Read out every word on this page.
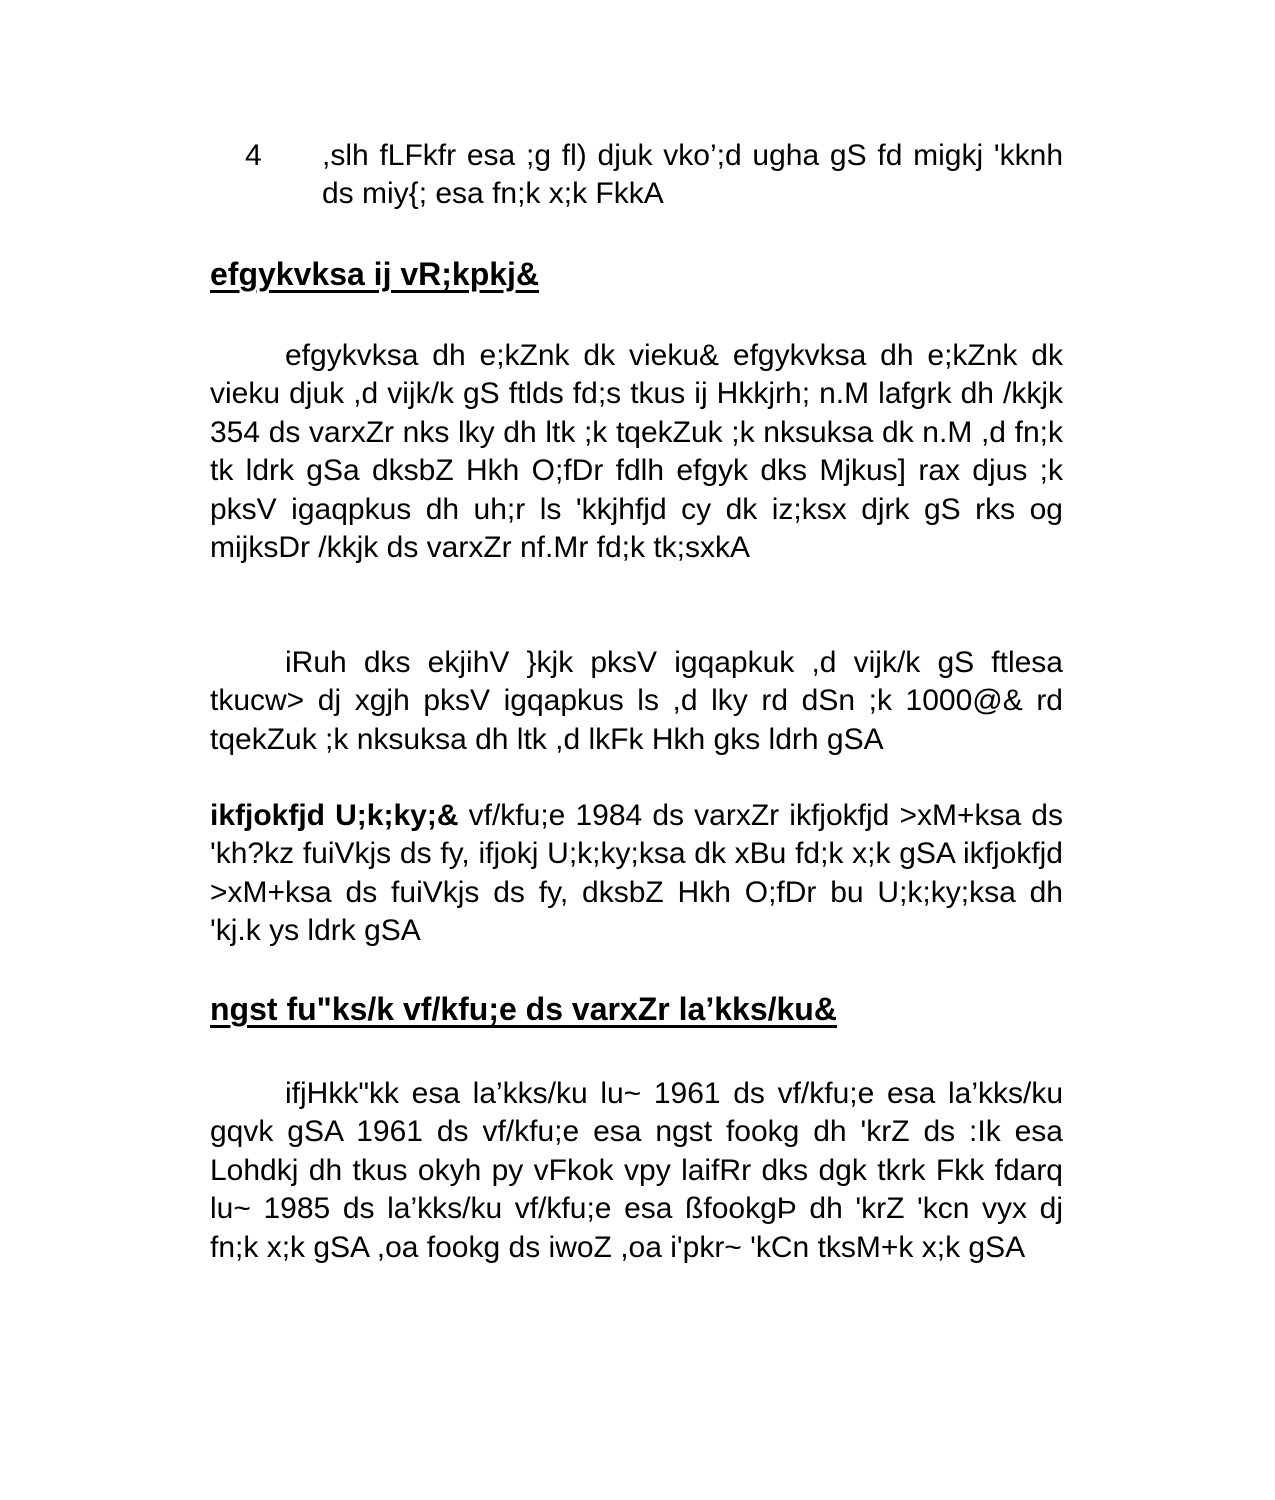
4 ,slh fLFkfr esa ;g fl) djuk vko’;d ugha gS fd migkj 'kknh ds miy{; esa fn;k x;k FkkA
efgykvksa ij vR;kpkj&

efgykvksa dh e;kZnk dk vieku& efgykvksa dh e;kZnk dk vieku djuk ,d vijk/k gS ftlds fd;s tkus ij Hkkjrh; n.M lafgrk dh /kkjk 354 ds varxZr nks lky dh ltk ;k tqekZuk ;k nksuksa dk n.M ,d fn;k tk ldrk gSa dksbZ Hkh O;fDr fdlh efgyk dks Mjkus] rax djus ;k pksV igaqpkus dh uh;r ls 'kkjhfjd cy dk iz;ksx djrk gS rks og mijksDr /kkjk ds varxZr nf.Mr fd;k tk;sxkA

iRuh dks ekjihV }kjk pksV igqapkuk ,d vijk/k gS ftlesa tkucw> dj xgjh pksV igqapkus ls ,d lky rd dSn ;k 1000@& rd tqekZuk ;k nksuksa dh ltk ,d lkFk Hkh gks ldrh gSA

ikfjokfjd U;k;ky;& vf/kfu;e 1984 ds varxZr ikfjokfjd >xM+ksa ds 'kh?kz fuiVkjs ds fy, ifjokj U;k;ky;ksa dk xBu fd;k x;k gSA ikfjokfjd >xM+ksa ds fuiVkjs ds fy, dksbZ Hkh O;fDr bu U;k;ky;ksa dh 'kj.k ys ldrk gSA

ngst fu"ks/k vf/kfu;e ds varxZr la’kks/ku&

ifjHkk"kk esa la’kks/ku lu~ 1961 ds vf/kfu;e esa la’kks/ku gqvk gSA 1961 ds vf/kfu;e esa ngst fookg dh 'krZ ds :Ik esa Lohdkj dh tkus okyh py vFkok vpy laifRr dks dgk tkrk Fkk fdarq lu~ 1985 ds la’kks/ku vf/kfu;e esa ßfookgÞ dh 'krZ 'kcn vyx dj fn;k x;k gSA ,oa fookg ds iwoZ ,oa i'pkr~ 'kCn tksM+k x;k gSA
